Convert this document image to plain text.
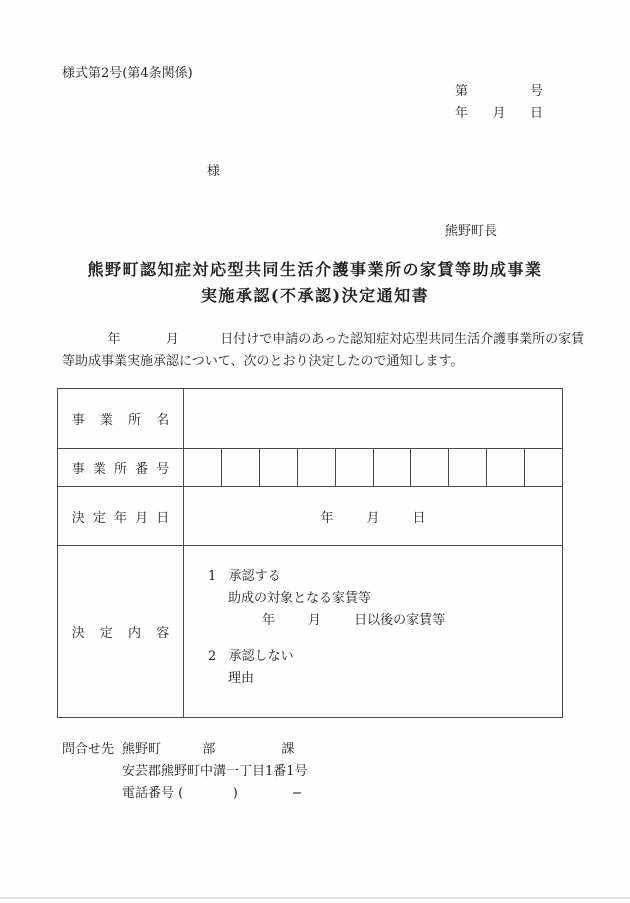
様式第2号(第4条関係)
第	号
年 月 日
様
熊野町長
熊野町認知症対応型共同生活介護事業所の家賃等助成事業
実施承認(不承認)決定通知書
年           月          日付けで申請のあった認知症対応型共同生活介護事業所の家賃
等助成事業実施承認について、次のとおり決定したので通知します。
事 業 所 名
事 業 所 番 号
決 定 年 月 日	年        月        日
決 定 内 容
1   承認する
助成の対象となる家賃等
年        月        日以後の家賃等
2   承認しない
理由
問合せ先 熊野町          部                課
安芸郡熊野町中溝一丁目1番1号
電話番号 (            )             −
